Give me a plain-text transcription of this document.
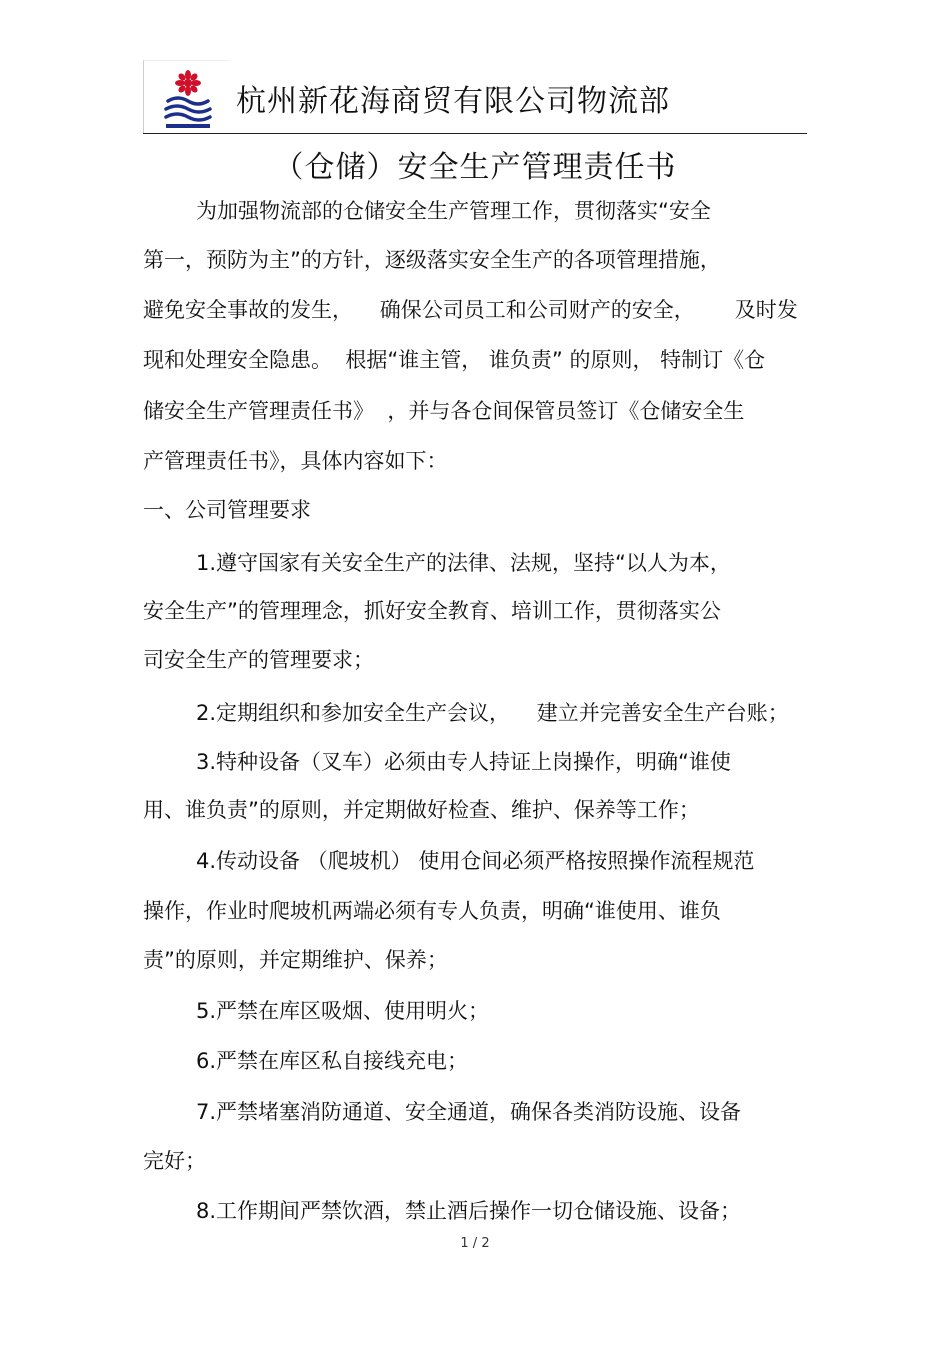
杭州新花海商贸有限公司物流部
（仓储）安全生产管理责任书
为加强物流部的仓储安全生产管理工作，贯彻落实“安全
第一，预防为主”的方针，逐级落实安全生产的各项管理措施，
避免安全事故的发生，    确保公司员工和公司财产的安全，      及时发
现和处理安全隐患。  根据“谁主管， 谁负责” 的原则， 特制订《仓
储安全生产管理责任书》  ，并与各仓间保管员签订《仓储安全生
产管理责任书》，具体内容如下：
一、公司管理要求
1.遵守国家有关安全生产的法律、法规，坚持“以人为本，
安全生产”的管理理念，抓好安全教育、培训工作，贯彻落实公
司安全生产的管理要求；
2.定期组织和参加安全生产会议，    建立并完善安全生产台账；
3.特种设备（叉车）必须由专人持证上岗操作，明确“谁使
用、谁负责”的原则，并定期做好检查、维护、保养等工作；
4.传动设备 （爬坡机） 使用仓间必须严格按照操作流程规范
操作，作业时爬坡机两端必须有专人负责，明确“谁使用、谁负
责”的原则，并定期维护、保养；
5.严禁在库区吸烟、使用明火；
6.严禁在库区私自接线充电；
7.严禁堵塞消防通道、安全通道，确保各类消防设施、设备
完好；
8.工作期间严禁饮酒，禁止酒后操作一切仓储设施、设备；
1 / 2
